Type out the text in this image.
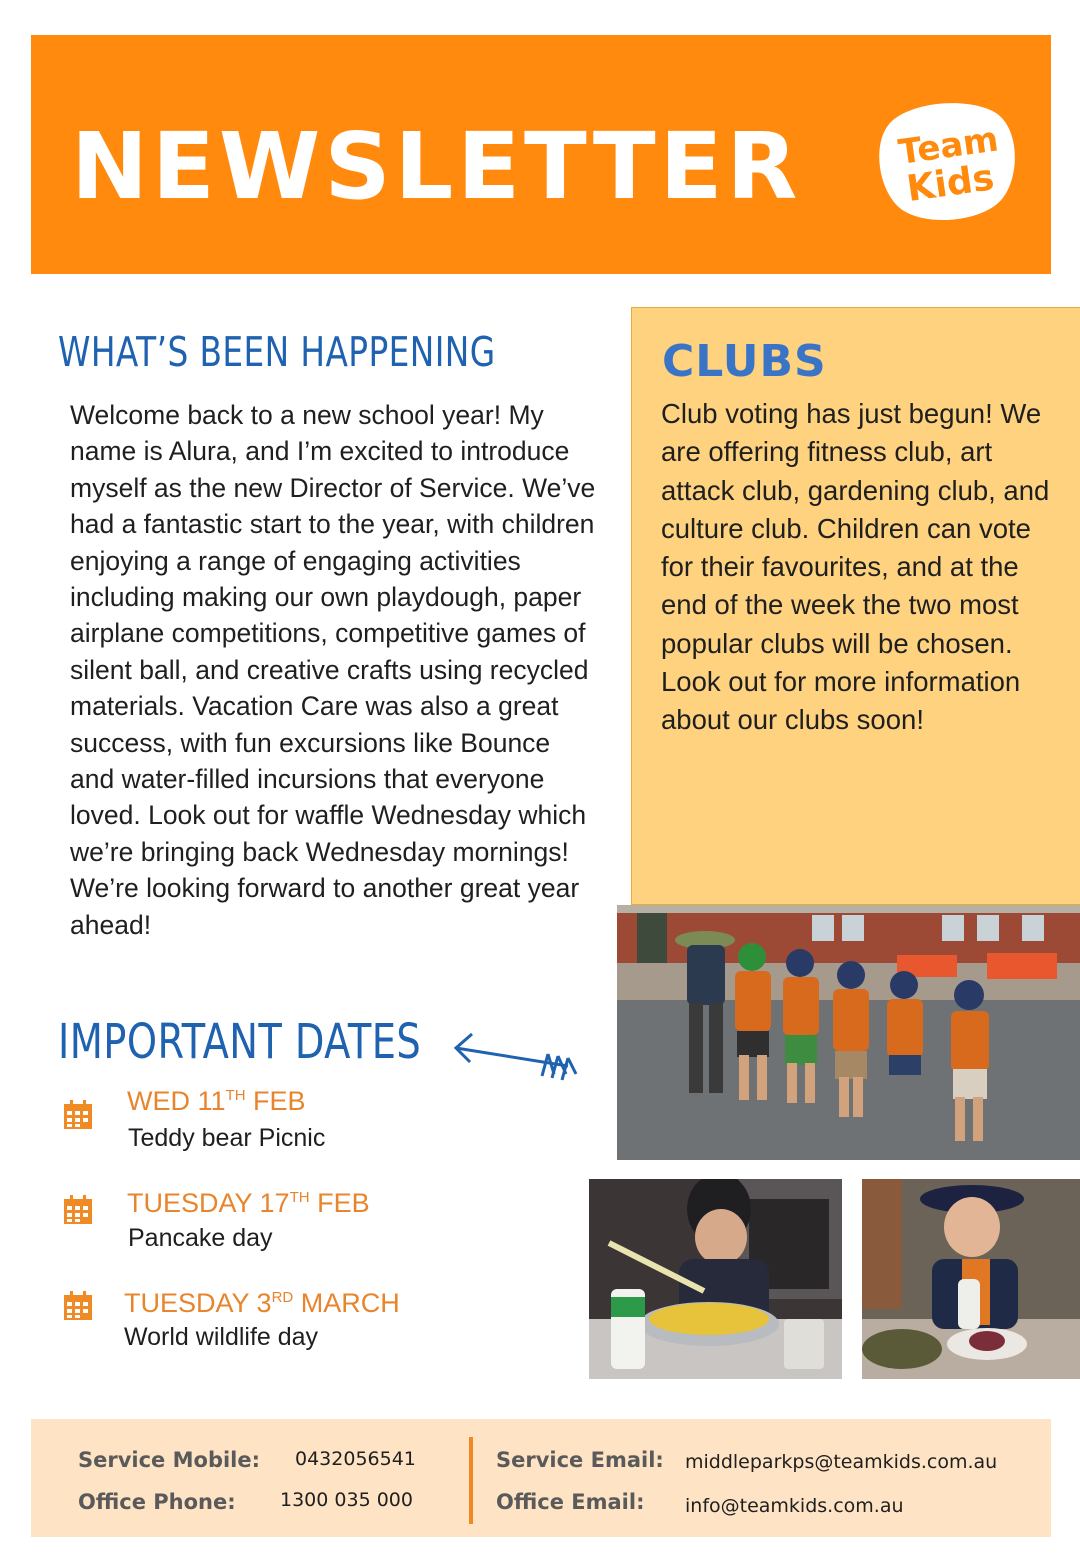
NEWSLETTER	Team
Kids
WHAT’S BEEN HAPPENING
Welcome back to a new school year! My name is Alura, and I’m excited to introduce myself as the new Director of Service. We’ve had a fantastic start to the year, with children enjoying a range of engaging activities including making our own playdough, paper airplane competitions, competitive games of silent ball, and creative crafts using recycled materials. Vacation Care was also a great success, with fun excursions like Bounce and water-filled incursions that everyone loved. Look out for waffle Wednesday which we’re bringing back Wednesday mornings! We’re looking forward to another great year ahead!
CLUBS
Club voting has just begun! We are offering fitness club, art attack club, gardening club, and culture club. Children can vote for their favourites, and at the end of the week the two most popular clubs will be chosen. Look out for more information about our clubs soon!
IMPORTANT DATES
WED 11TH FEB
Teddy bear Picnic
TUESDAY 17TH FEB
Pancake day
TUESDAY 3RD MARCH
World wildlife day
Service Mobile: 0432056541
Office Phone: 1300 035 000
Service Email: middleparkps@teamkids.com.au
Office Email: info@teamkids.com.au
